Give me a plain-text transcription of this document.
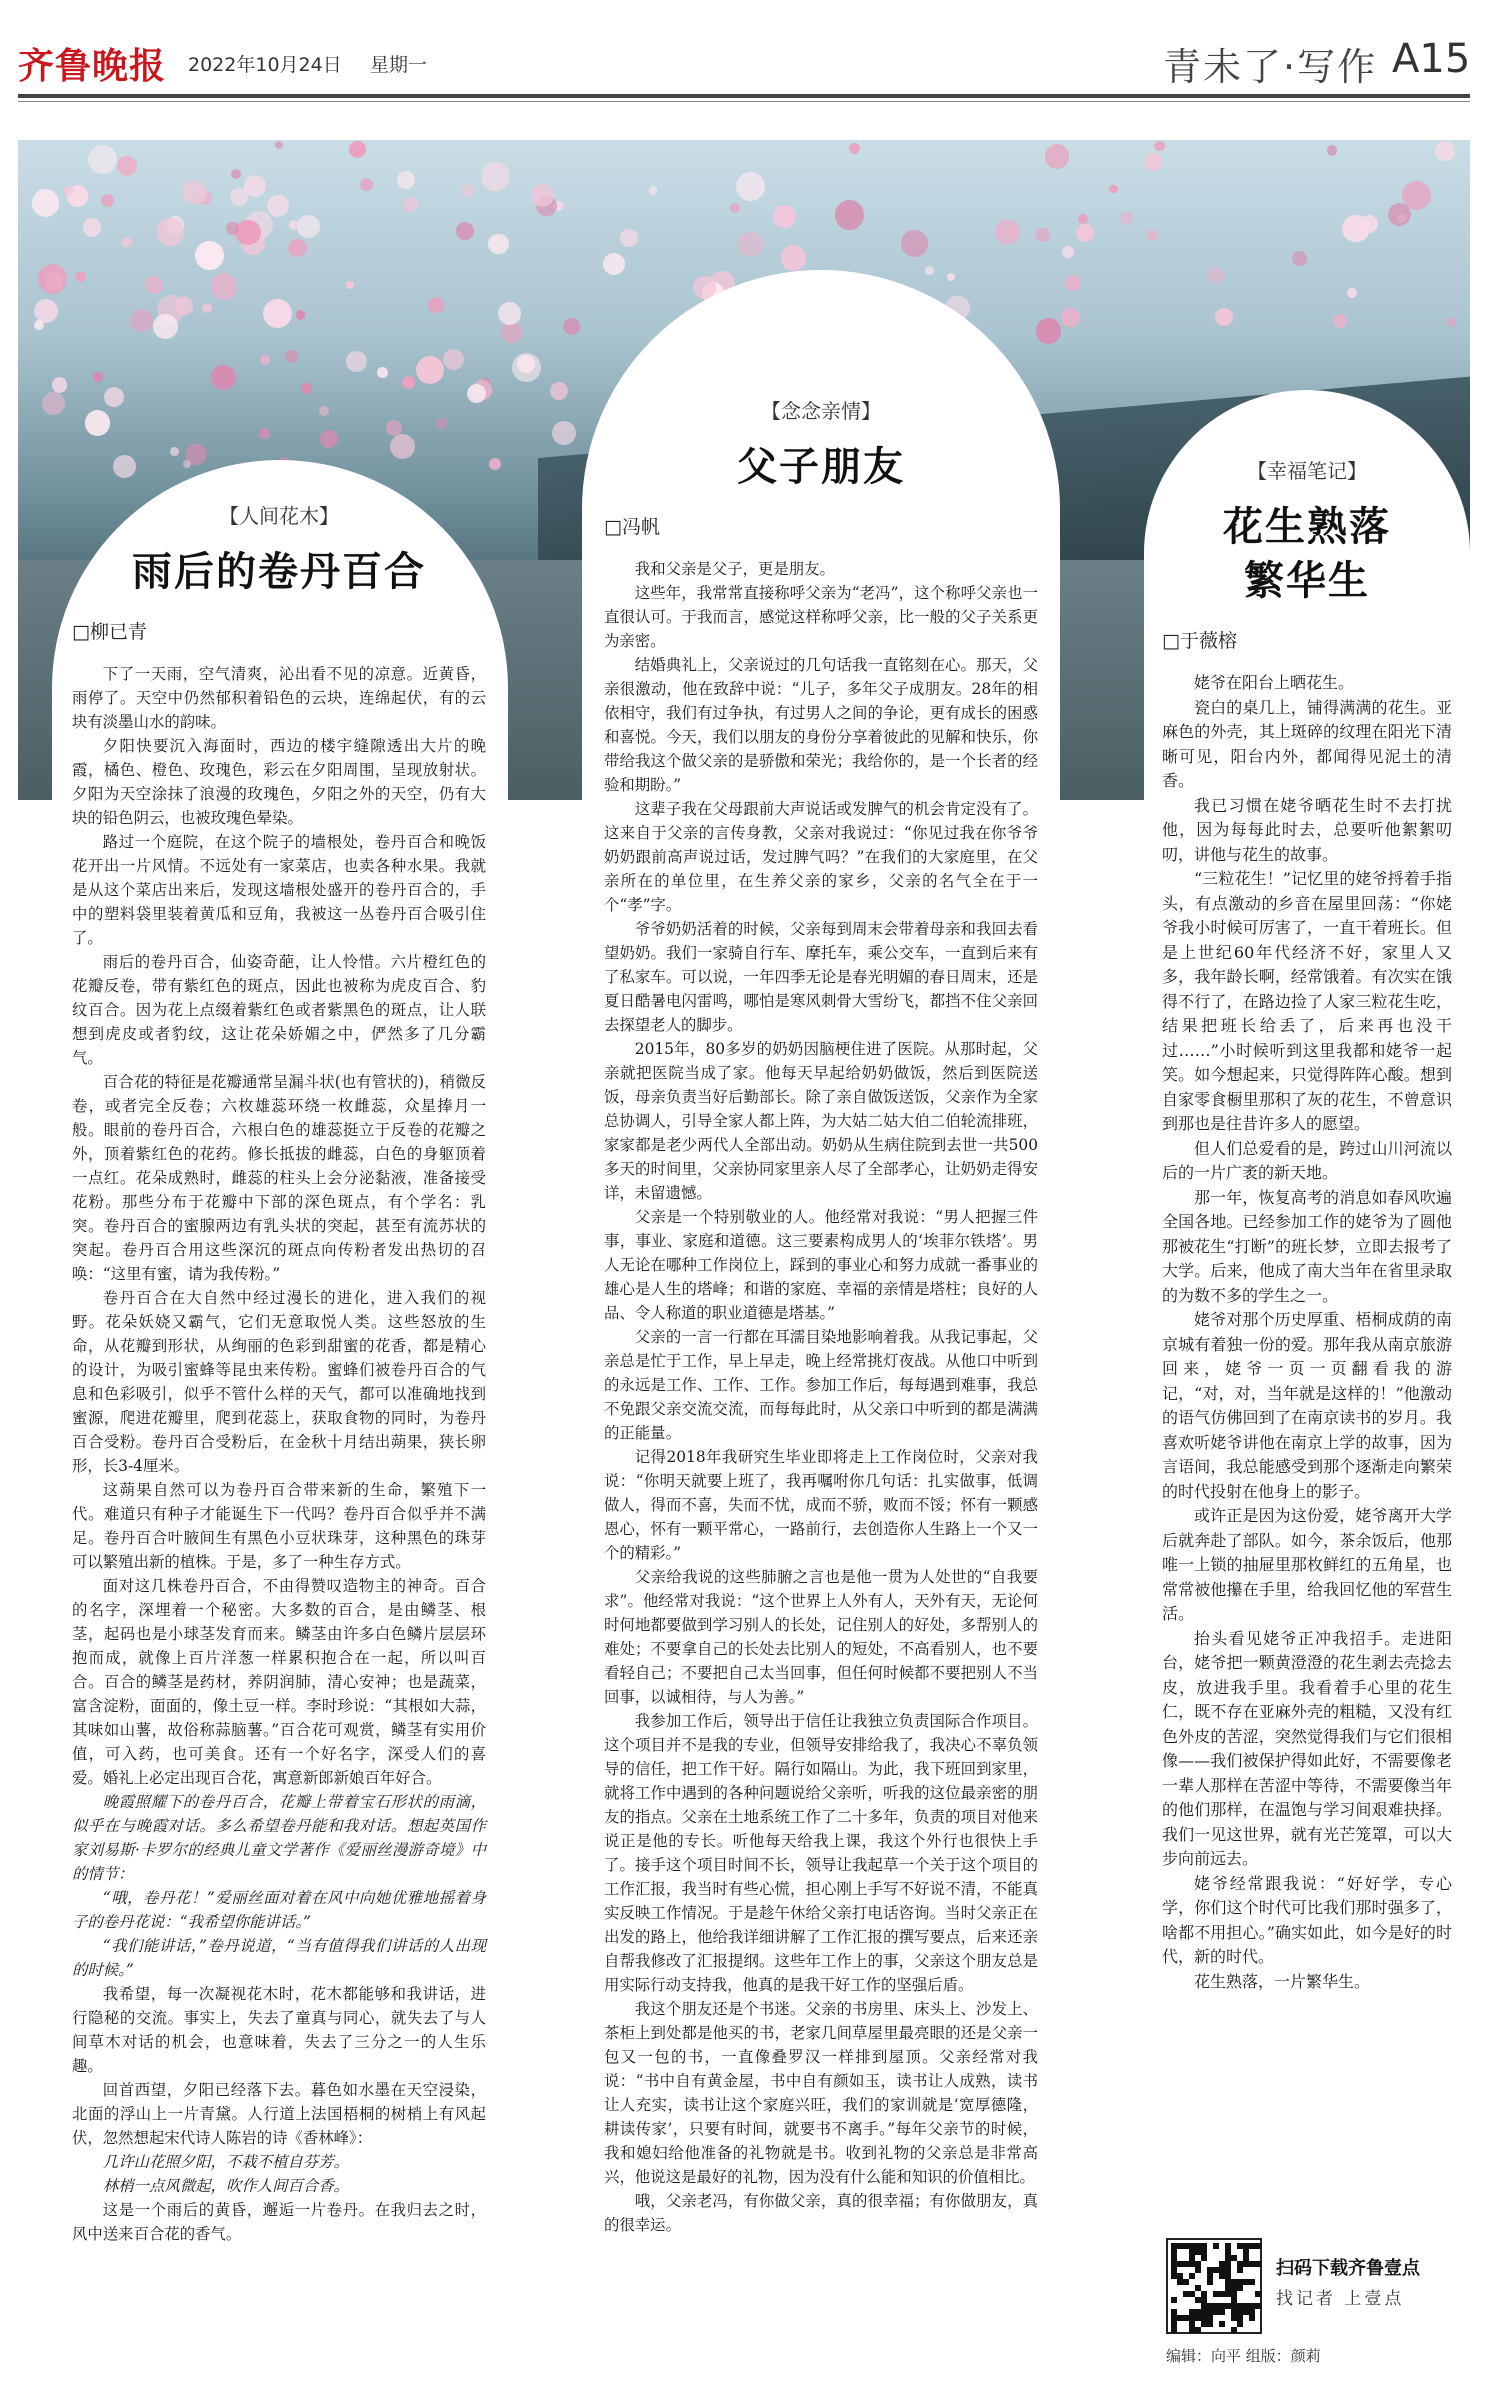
齐鲁晚报 2022年10月24日 星期一	青未了·写作 A15
【人间花木】
雨后的卷丹百合
□柳已青

下了一天雨，空气清爽，沁出看不见的凉意。近黄昏，雨停了。天空中仍然郁积着铅色的云块，连绵起伏，有的云块有淡墨山水的韵味。

夕阳快要沉入海面时，西边的楼宇缝隙透出大片的晚霞，橘色、橙色、玫瑰色，彩云在夕阳周围，呈现放射状。夕阳为天空涂抹了浪漫的玫瑰色，夕阳之外的天空，仍有大块的铅色阴云，也被玫瑰色晕染。

路过一个庭院，在这个院子的墙根处，卷丹百合和晚饭花开出一片风情。不远处有一家菜店，也卖各种水果。我就是从这个菜店出来后，发现这墙根处盛开的卷丹百合的，手中的塑料袋里装着黄瓜和豆角，我被这一丛卷丹百合吸引住了。

雨后的卷丹百合，仙姿奇葩，让人怜惜。六片橙红色的花瓣反卷，带有紫红色的斑点，因此也被称为虎皮百合、豹纹百合。因为花上点缀着紫红色或者紫黑色的斑点，让人联想到虎皮或者豹纹，这让花朵娇媚之中，俨然多了几分霸气。

百合花的特征是花瓣通常呈漏斗状(也有管状的)，稍微反卷，或者完全反卷；六枚雄蕊环绕一枚雌蕊，众星捧月一般。眼前的卷丹百合，六根白色的雄蕊挺立于反卷的花瓣之外，顶着紫红色的花药。修长抵拔的雌蕊，白色的身躯顶着一点红。花朵成熟时，雌蕊的柱头上会分泌黏液，准备接受花粉。那些分布于花瓣中下部的深色斑点，有个学名：乳突。卷丹百合的蜜腺两边有乳头状的突起，甚至有流苏状的突起。卷丹百合用这些深沉的斑点向传粉者发出热切的召唤：“这里有蜜，请为我传粉。”

卷丹百合在大自然中经过漫长的进化，进入我们的视野。花朵妖娆又霸气，它们无意取悦人类。这些怒放的生命，从花瓣到形状，从绚丽的色彩到甜蜜的花香，都是精心的设计，为吸引蜜蜂等昆虫来传粉。蜜蜂们被卷丹百合的气息和色彩吸引，似乎不管什么样的天气，都可以准确地找到蜜源，爬进花瓣里，爬到花蕊上，获取食物的同时，为卷丹百合受粉。卷丹百合受粉后，在金秋十月结出蒴果，狭长卵形，长3-4厘米。

这蒴果自然可以为卷丹百合带来新的生命，繁殖下一代。难道只有种子才能诞生下一代吗？卷丹百合似乎并不满足。卷丹百合叶腋间生有黑色小豆状珠芽，这种黑色的珠芽可以繁殖出新的植株。于是，多了一种生存方式。

面对这几株卷丹百合，不由得赞叹造物主的神奇。百合的名字，深埋着一个秘密。大多数的百合，是由鳞茎、根茎，起码也是小球茎发育而来。鳞茎由许多白色鳞片层层环抱而成，就像上百片洋葱一样累积抱合在一起，所以叫百合。百合的鳞茎是药材，养阴润肺，清心安神；也是蔬菜，富含淀粉，面面的，像土豆一样。李时珍说：“其根如大蒜，其味如山薯，故俗称蒜脑薯。”百合花可观赏，鳞茎有实用价值，可入药，也可美食。还有一个好名字，深受人们的喜爱。婚礼上必定出现百合花，寓意新郎新娘百年好合。

晚霞照耀下的卷丹百合，花瓣上带着宝石形状的雨滴，似乎在与晚霞对话。多么希望卷丹能和我对话。想起英国作家刘易斯·卡罗尔的经典儿童文学著作《爱丽丝漫游奇境》中的情节：

“哦，卷丹花！”爱丽丝面对着在风中向她优雅地摇着身子的卷丹花说：“我希望你能讲话。”

“我们能讲话，”卷丹说道，“当有值得我们讲话的人出现的时候。”

我希望，每一次凝视花木时，花木都能够和我讲话，进行隐秘的交流。事实上，失去了童真与同心，就失去了与人间草木对话的机会，也意味着，失去了三分之一的人生乐趣。

回首西望，夕阳已经落下去。暮色如水墨在天空浸染，北面的浮山上一片青黛。人行道上法国梧桐的树梢上有风起伏，忽然想起宋代诗人陈岩的诗《香林峰》：

几许山花照夕阳，不栽不植自芬芳。

林梢一点风微起，吹作人间百合香。

这是一个雨后的黄昏，邂逅一片卷丹。在我归去之时，风中送来百合花的香气。

【念念亲情】
父子朋友
□冯帆

我和父亲是父子，更是朋友。

这些年，我常常直接称呼父亲为“老冯”，这个称呼父亲也一直很认可。于我而言，感觉这样称呼父亲，比一般的父子关系更为亲密。

结婚典礼上，父亲说过的几句话我一直铭刻在心。那天，父亲很激动，他在致辞中说：“儿子，多年父子成朋友。28年的相依相守，我们有过争执，有过男人之间的争论，更有成长的困惑和喜悦。今天，我们以朋友的身份分享着彼此的见解和快乐，你带给我这个做父亲的是骄傲和荣光；我给你的，是一个长者的经验和期盼。”

这辈子我在父母跟前大声说话或发脾气的机会肯定没有了。这来自于父亲的言传身教，父亲对我说过：“你见过我在你爷爷奶奶跟前高声说过话，发过脾气吗？”在我们的大家庭里，在父亲所在的单位里，在生养父亲的家乡，父亲的名气全在于一个“孝”字。

爷爷奶奶活着的时候，父亲每到周末会带着母亲和我回去看望奶奶。我们一家骑自行车、摩托车，乘公交车，一直到后来有了私家车。可以说，一年四季无论是春光明媚的春日周末，还是夏日酷暑电闪雷鸣，哪怕是寒风刺骨大雪纷飞，都挡不住父亲回去探望老人的脚步。

2015年，80多岁的奶奶因脑梗住进了医院。从那时起，父亲就把医院当成了家。他每天早起给奶奶做饭，然后到医院送饭，母亲负责当好后勤部长。除了亲自做饭送饭，父亲作为全家总协调人，引导全家人都上阵，为大姑二姑大伯二伯轮流排班，家家都是老少两代人全部出动。奶奶从生病住院到去世一共500多天的时间里，父亲协同家里亲人尽了全部孝心，让奶奶走得安详，未留遗憾。

父亲是一个特别敬业的人。他经常对我说：“男人把握三件事，事业、家庭和道德。这三要素构成男人的‘埃菲尔铁塔’。男人无论在哪种工作岗位上，踩到的事业心和努力成就一番事业的雄心是人生的塔峰；和谐的家庭、幸福的亲情是塔柱；良好的人品、令人称道的职业道德是塔基。”

父亲的一言一行都在耳濡目染地影响着我。从我记事起，父亲总是忙于工作，早上早走，晚上经常挑灯夜战。从他口中听到的永远是工作、工作、工作。参加工作后，每每遇到难事，我总不免跟父亲交流交流，而每每此时，从父亲口中听到的都是满满的正能量。

记得2018年我研究生毕业即将走上工作岗位时，父亲对我说：“你明天就要上班了，我再嘱咐你几句话：扎实做事，低调做人，得而不喜，失而不忧，成而不骄，败而不馁；怀有一颗感恩心，怀有一颗平常心，一路前行，去创造你人生路上一个又一个的精彩。”

父亲给我说的这些肺腑之言也是他一贯为人处世的“自我要求”。他经常对我说：“这个世界上人外有人，天外有天，无论何时何地都要做到学习别人的长处，记住别人的好处，多帮别人的难处；不要拿自己的长处去比别人的短处，不高看别人，也不要看轻自己；不要把自己太当回事，但任何时候都不要把别人不当回事，以诚相待，与人为善。”

我参加工作后，领导出于信任让我独立负责国际合作项目。这个项目并不是我的专业，但领导安排给我了，我决心不辜负领导的信任，把工作干好。隔行如隔山。为此，我下班回到家里，就将工作中遇到的各种问题说给父亲听，听我的这位最亲密的朋友的指点。父亲在土地系统工作了二十多年，负责的项目对他来说正是他的专长。听他每天给我上课，我这个外行也很快上手了。接手这个项目时间不长，领导让我起草一个关于这个项目的工作汇报，我当时有些心慌，担心刚上手写不好说不清，不能真实反映工作情况。于是趁午休给父亲打电话咨询。当时父亲正在出发的路上，他给我详细讲解了工作汇报的撰写要点，后来还亲自帮我修改了汇报提纲。这些年工作上的事，父亲这个朋友总是用实际行动支持我，他真的是我干好工作的坚强后盾。

我这个朋友还是个书迷。父亲的书房里、床头上、沙发上、茶柜上到处都是他买的书，老家几间草屋里最亮眼的还是父亲一包又一包的书，一直像叠罗汉一样排到屋顶。父亲经常对我说：“书中自有黄金屋，书中自有颜如玉，读书让人成熟，读书让人充实，读书让这个家庭兴旺，我们的家训就是‘宽厚德隆，耕读传家’，只要有时间，就要书不离手。”每年父亲节的时候，我和媳妇给他准备的礼物就是书。收到礼物的父亲总是非常高兴，他说这是最好的礼物，因为没有什么能和知识的价值相比。

哦，父亲老冯，有你做父亲，真的很幸福；有你做朋友，真的很幸运。

【幸福笔记】
花生熟落
繁华生
□于薇榕

姥爷在阳台上晒花生。

瓷白的桌几上，铺得满满的花生。亚麻色的外壳，其上斑碎的纹理在阳光下清晰可见，阳台内外，都闻得见泥土的清香。

我已习惯在姥爷晒花生时不去打扰他，因为每每此时去，总要听他絮絮叨叨，讲他与花生的故事。

“三粒花生！”记忆里的姥爷捋着手指头，有点激动的乡音在屋里回荡：“你姥爷我小时候可厉害了，一直干着班长。但是上世纪60年代经济不好，家里人又多，我年龄长啊，经常饿着。有次实在饿得不行了，在路边捡了人家三粒花生吃，结果把班长给丢了，后来再也没干过……”小时候听到这里我都和姥爷一起笑。如今想起来，只觉得阵阵心酸。想到自家零食橱里那积了灰的花生，不曾意识到那也是往昔许多人的愿望。

但人们总爱看的是，跨过山川河流以后的一片广袤的新天地。

那一年，恢复高考的消息如春风吹遍全国各地。已经参加工作的姥爷为了圆他那被花生“打断”的班长梦，立即去报考了大学。后来，他成了南大当年在省里录取的为数不多的学生之一。

姥爷对那个历史厚重、梧桐成荫的南京城有着独一份的爱。那年我从南京旅游回来，姥爷一页一页翻看我的游记，“对，对，当年就是这样的！”他激动的语气仿佛回到了在南京读书的岁月。我喜欢听姥爷讲他在南京上学的故事，因为言语间，我总能感受到那个逐渐走向繁荣的时代投射在他身上的影子。

或许正是因为这份爱，姥爷离开大学后就奔赴了部队。如今，茶余饭后，他那唯一上锁的抽屉里那枚鲜红的五角星，也常常被他攥在手里，给我回忆他的军营生活。

抬头看见姥爷正冲我招手。走进阳台，姥爷把一颗黄澄澄的花生剥去壳捻去皮，放进我手里。我看着手心里的花生仁，既不存在亚麻外壳的粗糙，又没有红色外皮的苦涩，突然觉得我们与它们很相像——我们被保护得如此好，不需要像老一辈人那样在苦涩中等待，不需要像当年的他们那样，在温饱与学习间艰难抉择。我们一见这世界，就有光芒笼罩，可以大步向前远去。

姥爷经常跟我说：“好好学，专心学，你们这个时代可比我们那时强多了，啥都不用担心。”确实如此，如今是好的时代，新的时代。

花生熟落，一片繁华生。

扫码下载齐鲁壹点
找记者 上壹点
编辑：向平 组版：颜莉
